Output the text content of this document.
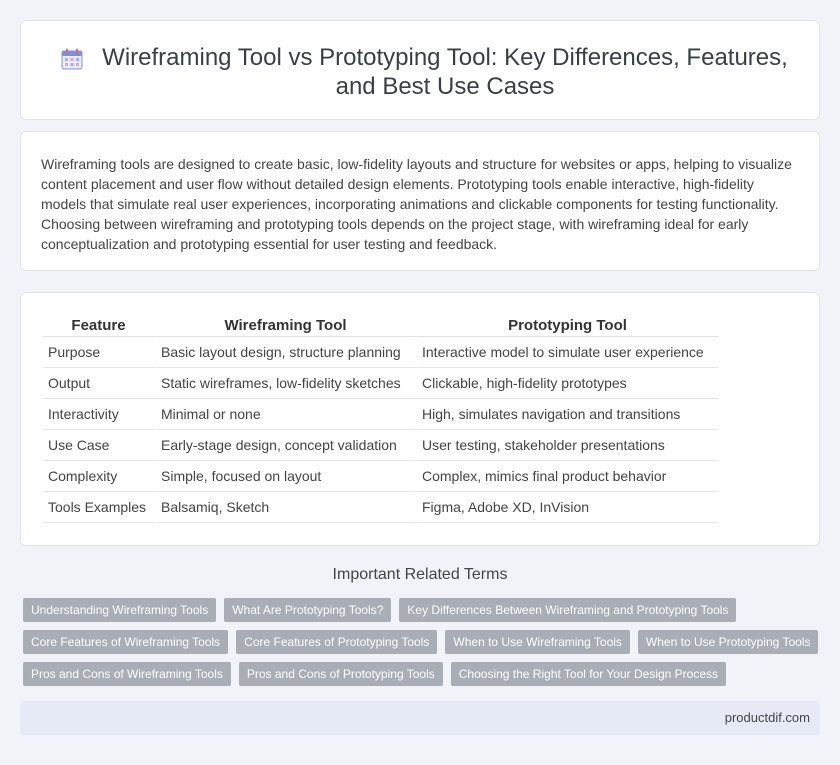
Wireframing Tool vs Prototyping Tool: Key Differences, Features, and Best Use Cases

Wireframing tools are designed to create basic, low-fidelity layouts and structure for websites or apps, helping to visualize content placement and user flow without detailed design elements. Prototyping tools enable interactive, high-fidelity models that simulate real user experiences, incorporating animations and clickable components for testing functionality. Choosing between wireframing and prototyping tools depends on the project stage, with wireframing ideal for early conceptualization and prototyping essential for user testing and feedback.

Feature	Wireframing Tool	Prototyping Tool
Purpose	Basic layout design, structure planning	Interactive model to simulate user experience
Output	Static wireframes, low-fidelity sketches	Clickable, high-fidelity prototypes
Interactivity	Minimal or none	High, simulates navigation and transitions
Use Case	Early-stage design, concept validation	User testing, stakeholder presentations
Complexity	Simple, focused on layout	Complex, mimics final product behavior
Tools Examples	Balsamiq, Sketch	Figma, Adobe XD, InVision
Important Related Terms
Understanding Wireframing Tools	What Are Prototyping Tools?	Key Differences Between Wireframing and Prototyping Tools
Core Features of Wireframing Tools	Core Features of Prototyping Tools	When to Use Wireframing Tools	When to Use Prototyping Tools
Pros and Cons of Wireframing Tools	Pros and Cons of Prototyping Tools	Choosing the Right Tool for Your Design Process
productdif.com
